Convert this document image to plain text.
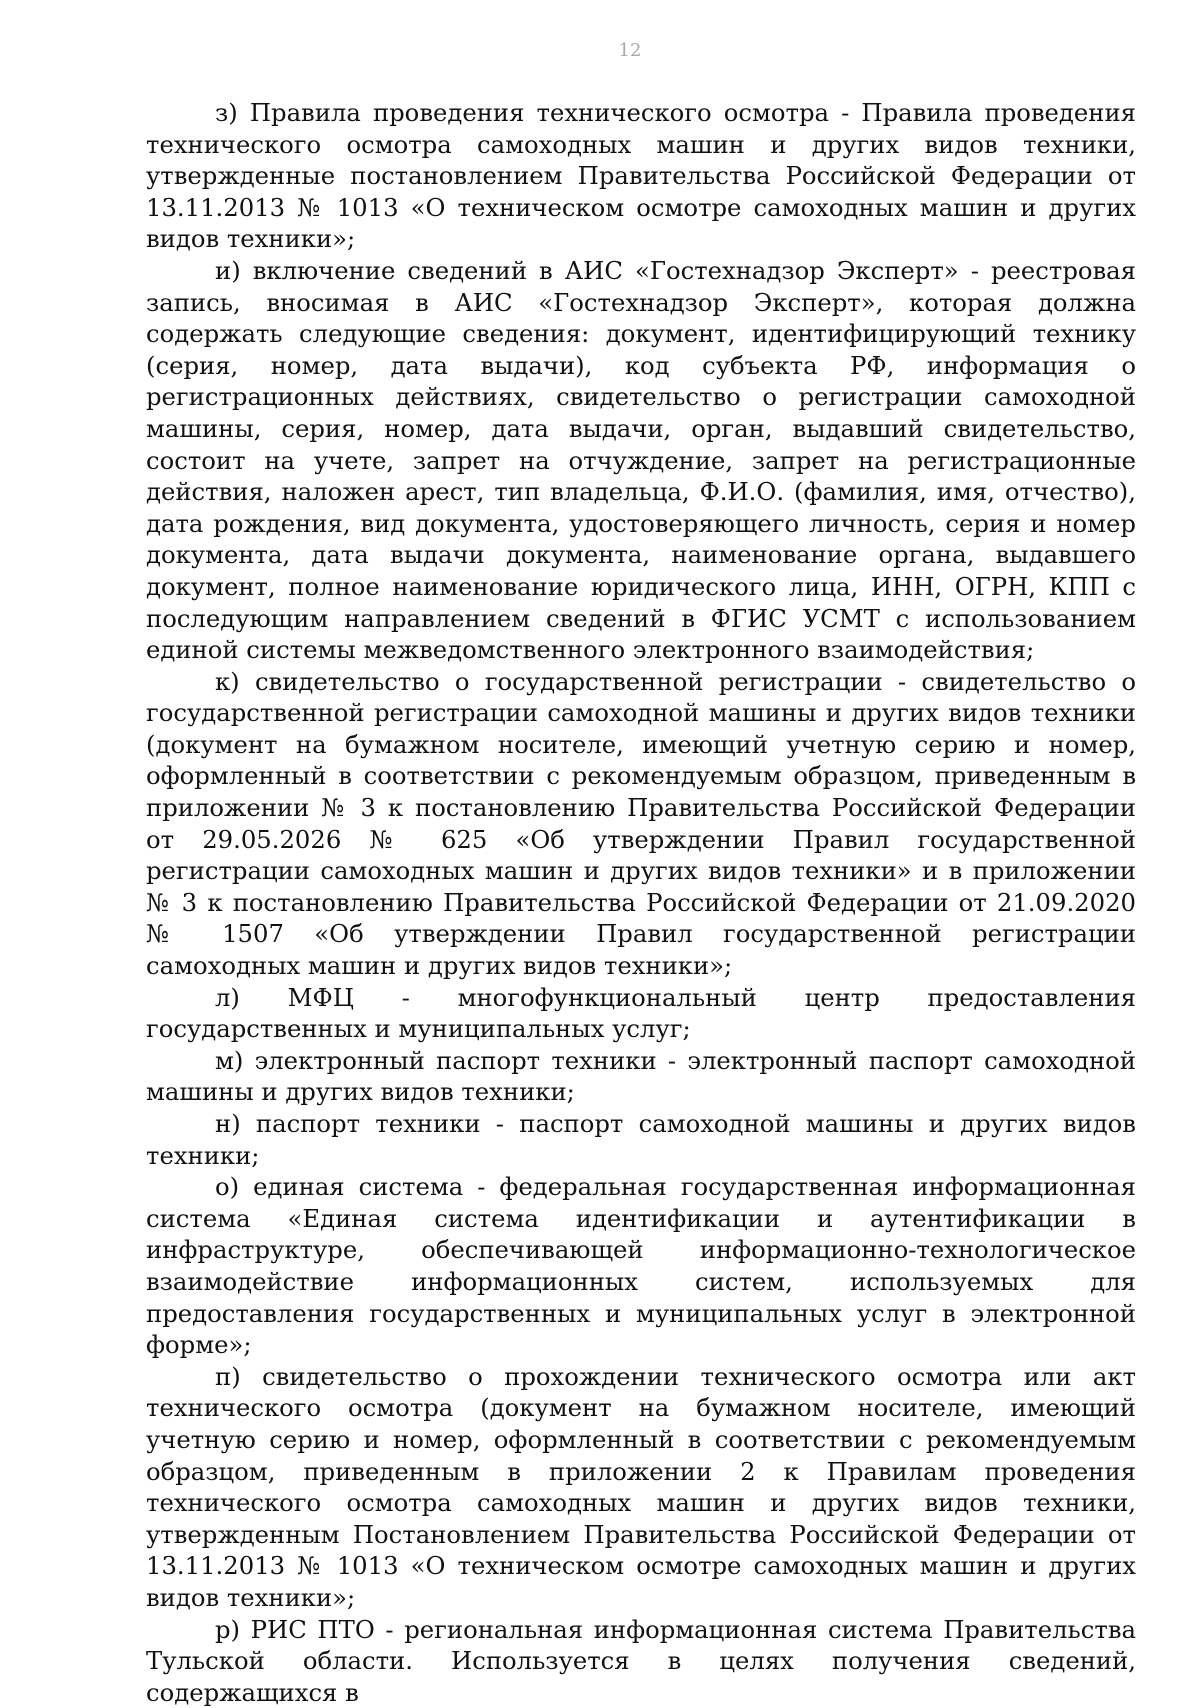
12

з) Правила проведения технического осмотра - Правила проведения технического осмотра самоходных машин и других видов техники, утвержденные постановлением Правительства Российской Федерации от 13.11.2013 № 1013 «О техническом осмотре самоходных машин и других видов техники»;

и) включение сведений в АИС «Гостехнадзор Эксперт» - реестровая запись, вносимая в АИС «Гостехнадзор Эксперт», которая должна содержать следующие сведения: документ, идентифицирующий технику (серия, номер, дата выдачи), код субъекта РФ, информация о регистрационных действиях, свидетельство о регистрации самоходной машины, серия, номер, дата выдачи, орган, выдавший свидетельство, состоит на учете, запрет на отчуждение, запрет на регистрационные действия, наложен арест, тип владельца, Ф.И.О. (фамилия, имя, отчество), дата рождения, вид документа, удостоверяющего личность, серия и номер документа, дата выдачи документа, наименование органа, выдавшего документ, полное наименование юридического лица, ИНН, ОГРН, КПП с последующим направлением сведений в ФГИС УСМТ с использованием единой системы межведомственного электронного взаимодействия;

к) свидетельство о государственной регистрации - свидетельство о государственной регистрации самоходной машины и других видов техники (документ на бумажном носителе, имеющий учетную серию и номер, оформленный в соответствии с рекомендуемым образцом, приведенным в приложении № 3 к постановлению Правительства Российской Федерации от 29.05.2026 № 625 «Об утверждении Правил государственной регистрации самоходных машин и других видов техники» и в приложении № 3 к постановлению Правительства Российской Федерации от 21.09.2020 № 1507 «Об утверждении Правил государственной регистрации самоходных машин и других видов техники»;

л) МФЦ - многофункциональный центр предоставления государственных и муниципальных услуг;

м) электронный паспорт техники - электронный паспорт самоходной машины и других видов техники;

н) паспорт техники - паспорт самоходной машины и других видов техники;

о) единая система - федеральная государственная информационная система «Единая система идентификации и аутентификации в инфраструктуре, обеспечивающей информационно-технологическое взаимодействие информационных систем, используемых для предоставления государственных и муниципальных услуг в электронной форме»;

п) свидетельство о прохождении технического осмотра или акт технического осмотра (документ на бумажном носителе, имеющий учетную серию и номер, оформленный в соответствии с рекомендуемым образцом, приведенным в приложении 2 к Правилам проведения технического осмотра самоходных машин и других видов техники, утвержденным Постановлением Правительства Российской Федерации от 13.11.2013 № 1013 «О техническом осмотре самоходных машин и других видов техники»;

р) РИС ПТО - региональная информационная система Правительства Тульской области. Используется в целях получения сведений, содержащихся в
